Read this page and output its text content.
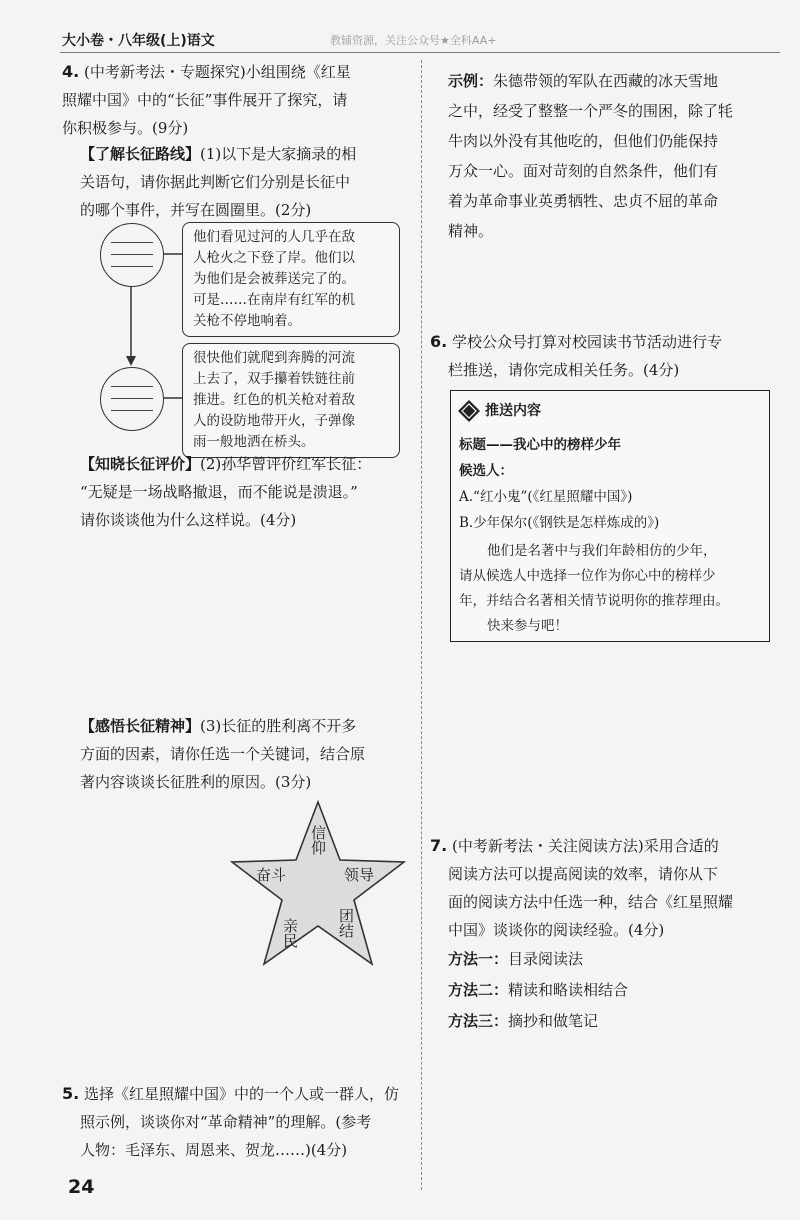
大小卷・八年级(上)语文	教辅资源，关注公众号★全科AA+
4. (中考新考法・专题探究)小组围绕《红星
照耀中国》中的“长征”事件展开了探究，请
你积极参与。(9分)
【了解长征路线】(1)以下是大家摘录的相
关语句，请你据此判断它们分别是长征中
的哪个事件，并写在圆圈里。(2分)
他们看见过河的人几乎在敌
人枪火之下登了岸。他们以
为他们是会被葬送完了的。
可是……在南岸有红军的机
关枪不停地响着。
很快他们就爬到奔腾的河流
上去了，双手攥着铁链往前
推进。红色的机关枪对着敌
人的设防地带开火，子弹像
雨一般地洒在桥头。
【知晓长征评价】(2)孙华曾评价红军长征：
“无疑是一场战略撤退，而不能说是溃退。”
请你谈谈他为什么这样说。(4分)
【感悟长征精神】(3)长征的胜利离不开多
方面的因素，请你任选一个关键词，结合原
著内容谈谈长征胜利的原因。(3分)
信仰
奋斗	领导
亲民	团结
5. 选择《红星照耀中国》中的一个人或一群人，仿
照示例，谈谈你对“革命精神”的理解。(参考
人物：毛泽东、周恩来、贺龙……)(4分)
示例：朱德带领的军队在西藏的冰天雪地
之中，经受了整整一个严冬的围困，除了牦
牛肉以外没有其他吃的，但他们仍能保持
万众一心。面对苛刻的自然条件，他们有
着为革命事业英勇牺牲、忠贞不屈的革命
精神。
6. 学校公众号打算对校园读书节活动进行专
栏推送，请你完成相关任务。(4分)
推送内容
标题——我心中的榜样少年
候选人：
A.“红小鬼”(《红星照耀中国》)
B.少年保尔(《钢铁是怎样炼成的》)
他们是名著中与我们年龄相仿的少年，
请从候选人中选择一位作为你心中的榜样少
年，并结合名著相关情节说明你的推荐理由。
快来参与吧！
7. (中考新考法・关注阅读方法)采用合适的
阅读方法可以提高阅读的效率，请你从下
面的阅读方法中任选一种，结合《红星照耀
中国》谈谈你的阅读经验。(4分)
方法一：目录阅读法
方法二：精读和略读相结合
方法三：摘抄和做笔记
24
